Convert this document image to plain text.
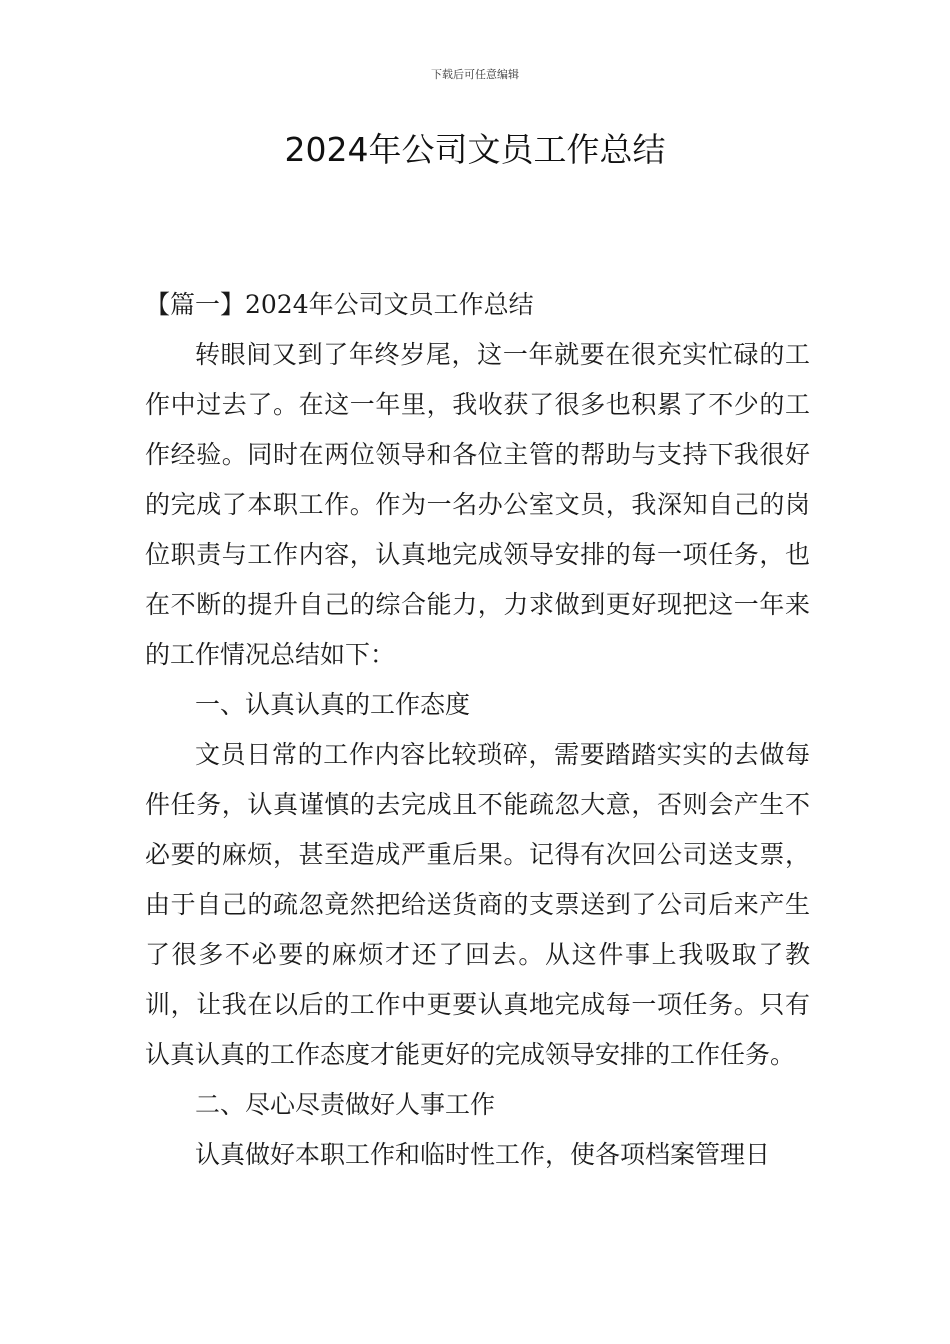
下载后可任意编辑
2024年公司文员工作总结

【篇一】2024年公司文员工作总结

转眼间又到了年终岁尾，这一年就要在很充实忙碌的工作中过去了。在这一年里，我收获了很多也积累了不少的工作经验。同时在两位领导和各位主管的帮助与支持下我很好的完成了本职工作。作为一名办公室文员，我深知自己的岗位职责与工作内容，认真地完成领导安排的每一项任务，也在不断的提升自己的综合能力，力求做到更好现把这一年来的工作情况总结如下：

一、认真认真的工作态度

文员日常的工作内容比较琐碎，需要踏踏实实的去做每件任务，认真谨慎的去完成且不能疏忽大意，否则会产生不必要的麻烦，甚至造成严重后果。记得有次回公司送支票，由于自己的疏忽竟然把给送货商的支票送到了公司后来产生了很多不必要的麻烦才还了回去。从这件事上我吸取了教训，让我在以后的工作中更要认真地完成每一项任务。只有认真认真的工作态度才能更好的完成领导安排的工作任务。

二、尽心尽责做好人事工作

认真做好本职工作和临时性工作，使各项档案管理日
